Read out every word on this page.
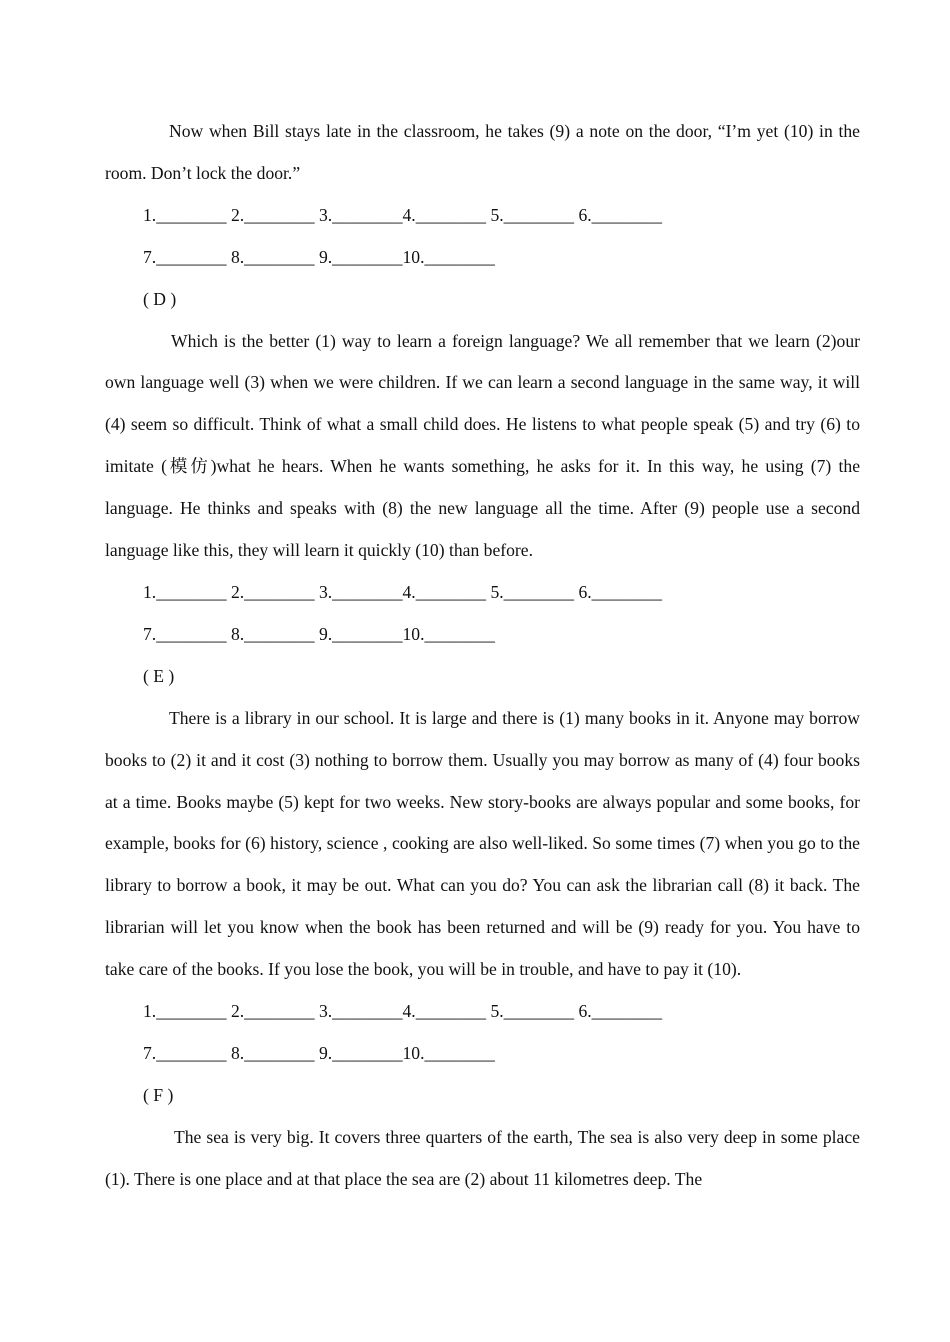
Now when Bill stays late in the classroom, he takes (9) a note on the door, “I’m yet (10) in the room. Don’t lock the door.”

1.________ 2.________ 3.________4.________ 5.________ 6.________

7.________ 8.________ 9.________10.________

( D )

Which is the better (1) way to learn a foreign language? We all remember that we learn (2)our own language well (3) when we were children. If we can learn a second language in the same way, it will (4) seem so difficult. Think of what a small child does. He listens to what people speak (5) and try (6) to imitate (模仿)what he hears. When he wants something, he asks for it. In this way, he using (7) the language. He thinks and speaks with (8) the new language all the time. After (9) people use a second language like this, they will learn it quickly (10) than before.

1.________ 2.________ 3.________4.________ 5.________ 6.________

7.________ 8.________ 9.________10.________

( E )

There is a library in our school. It is large and there is (1) many books in it. Anyone may borrow books to (2) it and it cost (3) nothing to borrow them. Usually you may borrow as many of (4) four books at a time. Books maybe (5) kept for two weeks. New story-books are always popular and some books, for example, books for (6) history, science , cooking are also well-liked. So some times (7) when you go to the library to borrow a book, it may be out. What can you do? You can ask the librarian call (8) it back. The librarian will let you know when the book has been returned and will be (9) ready for you. You have to take care of the books. If you lose the book, you will be in trouble, and have to pay it (10).

1.________ 2.________ 3.________4.________ 5.________ 6.________

7.________ 8.________ 9.________10.________

( F )

The sea is very big. It covers three quarters of the earth, The sea is also very deep in some place (1). There is one place and at that place the sea are (2) about 11 kilometres deep. The
